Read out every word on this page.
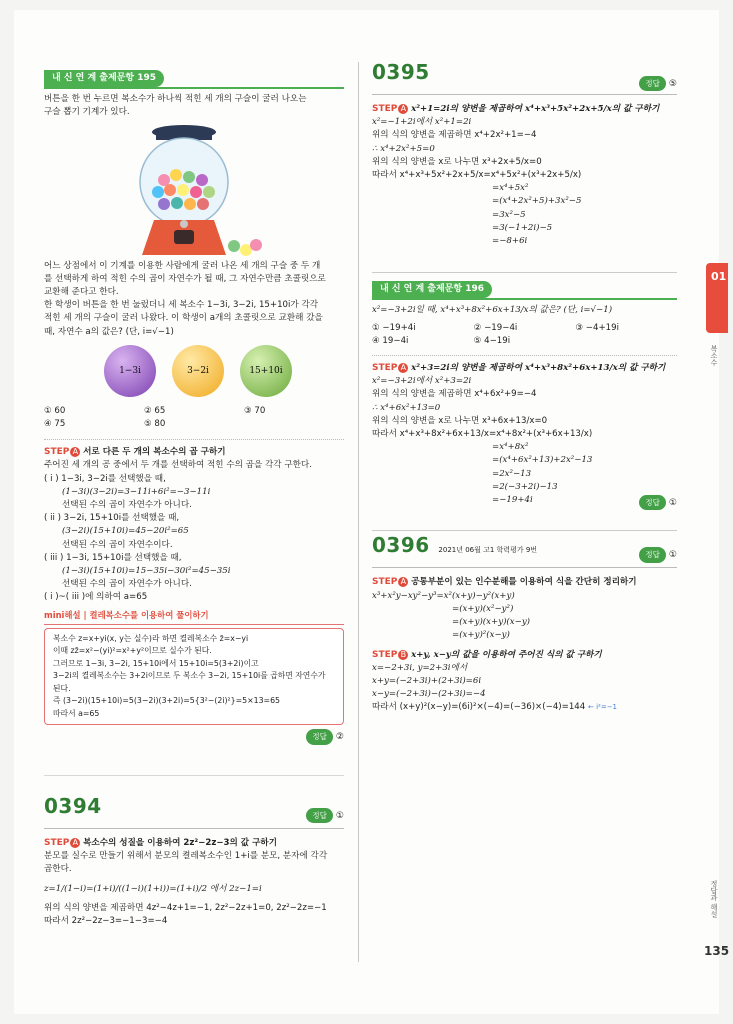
내 신 연 계 출제문항 195
버튼을 한 번 누르면 복소수가 하나씩 적힌 세 개의 구슬이 굴러 나오는
구슬 뽑기 기계가 있다.
어느 상점에서 이 기계를 이용한 사람에게 굴러 나온 세 개의 구슬 중 두 개
를 선택하게 하여 적힌 수의 곱이 자연수가 될 때, 그 자연수만큼 초콜릿으로
교환해 준다고 한다.
한 학생이 버튼을 한 번 눌렀더니 세 복소수 1−3i, 3−2i, 15+10i가 각각
적힌 세 개의 구슬이 굴러 나왔다. 이 학생이 a개의 초콜릿으로 교환해 갔을
때, 자연수 a의 값은? (단, i=√−1)
1−3i	3−2i	15+10i
① 60	② 65	③ 70
④ 75	⑤ 80
STEP A 서로 다른 두 개의 복소수의 곱 구하기
주어진 세 개의 공 중에서 두 개를 선택하여 적힌 수의 곱을 각각 구한다.
( i ) 1−3i, 3−2i를 선택했을 때,
(1−3i)(3−2i)=3−11i+6i²=−3−11i
선택된 수의 곱이 자연수가 아니다.
( ii ) 3−2i, 15+10i를 선택했을 때,
(3−2i)(15+10i)=45−20i²=65
선택된 수의 곱이 자연수이다.
( iii ) 1−3i, 15+10i를 선택했을 때,
(1−3i)(15+10i)=15−35i−30i²=45−35i
선택된 수의 곱이 자연수가 아니다.
( i )~( iii )에 의하여 a=65
mini해설 | 켤레복소수를 이용하여 풀이하기
복소수 z=x+yi(x, y는 실수)라 하면 켤레복소수 z̄=x−yi
이때 zz̄=x²−(yi)²=x²+y²이므로 실수가 된다.
그러므로 1−3i, 3−2i, 15+10i에서 15+10i=5(3+2i)이고
3−2i의 켤레복소수는 3+2i이므로 두 복소수 3−2i, 15+10i를 곱하면 자연수가 된다.
즉 (3−2i)(15+10i)=5(3−2i)(3+2i)=5{3²−(2i)²}=5×13=65
따라서 a=65
정답 ②
0394	정답 ①
STEP A 복소수의 성질을 이용하여 2z²−2z−3의 값 구하기
분모를 실수로 만들기 위해서 분모의 켤레복소수인 1+i를 분모, 분자에 각각
곱한다.
z=1/(1−i)=(1+i)/((1−i)(1+i))=(1+i)/2 에서 2z−1=i
위의 식의 양변을 제곱하면 4z²−4z+1=−1, 2z²−2z+1=0, 2z²−2z=−1
따라서 2z²−2z−3=−1−3=−4
0395	정답 ⑤
STEP A x²+1=2i의 양변을 제곱하여 x⁴+x³+5x²+2x+5/x의 값 구하기
x²=−1+2i에서 x²+1=2i
위의 식의 양변을 제곱하면 x⁴+2x²+1=−4
∴ x⁴+2x²+5=0
위의 식의 양변을 x로 나누면 x³+2x+5/x=0
따라서 x⁴+x³+5x²+2x+5/x=x⁴+5x²+(x³+2x+5/x)
=x⁴+5x²
=(x⁴+2x²+5)+3x²−5
=3x²−5
=3(−1+2i)−5
=−8+6i
내 신 연 계 출제문항 196
x²=−3+2i일 때, x⁴+x³+8x²+6x+13/x의 값은? (단, i=√−1)
① −19+4i	② −19−4i	③ −4+19i
④ 19−4i	⑤ 4−19i
STEP A x²+3=2i의 양변을 제곱하여 x⁴+x³+8x²+6x+13/x의 값 구하기
x²=−3+2i에서 x²+3=2i
위의 식의 양변을 제곱하면 x⁴+6x²+9=−4
∴ x⁴+6x²+13=0
위의 식의 양변을 x로 나누면 x³+6x+13/x=0
따라서 x⁴+x³+8x²+6x+13/x=x⁴+8x²+(x³+6x+13/x)
=x⁴+8x²
=(x⁴+6x²+13)+2x²−13
=2x²−13
=2(−3+2i)−13
=−19+4i	정답 ①
0396 2021년 06월 고1 학력평가 9번	정답 ①
STEP A 공통부분이 있는 인수분해를 이용하여 식을 간단히 정리하기
x³+x²y−xy²−y³=x²(x+y)−y²(x+y)
=(x+y)(x²−y²)
=(x+y)(x+y)(x−y)
=(x+y)²(x−y)
STEP B x+y, x−y의 값을 이용하여 주어진 식의 값 구하기
x=−2+3i, y=2+3i에서
x+y=(−2+3i)+(2+3i)=6i
x−y=(−2+3i)−(2+3i)=−4
따라서 (x+y)²(x−y)=(6i)²×(−4)=(−36)×(−4)=144 ← i²=−1
01
복소수
정답과 해설
135
